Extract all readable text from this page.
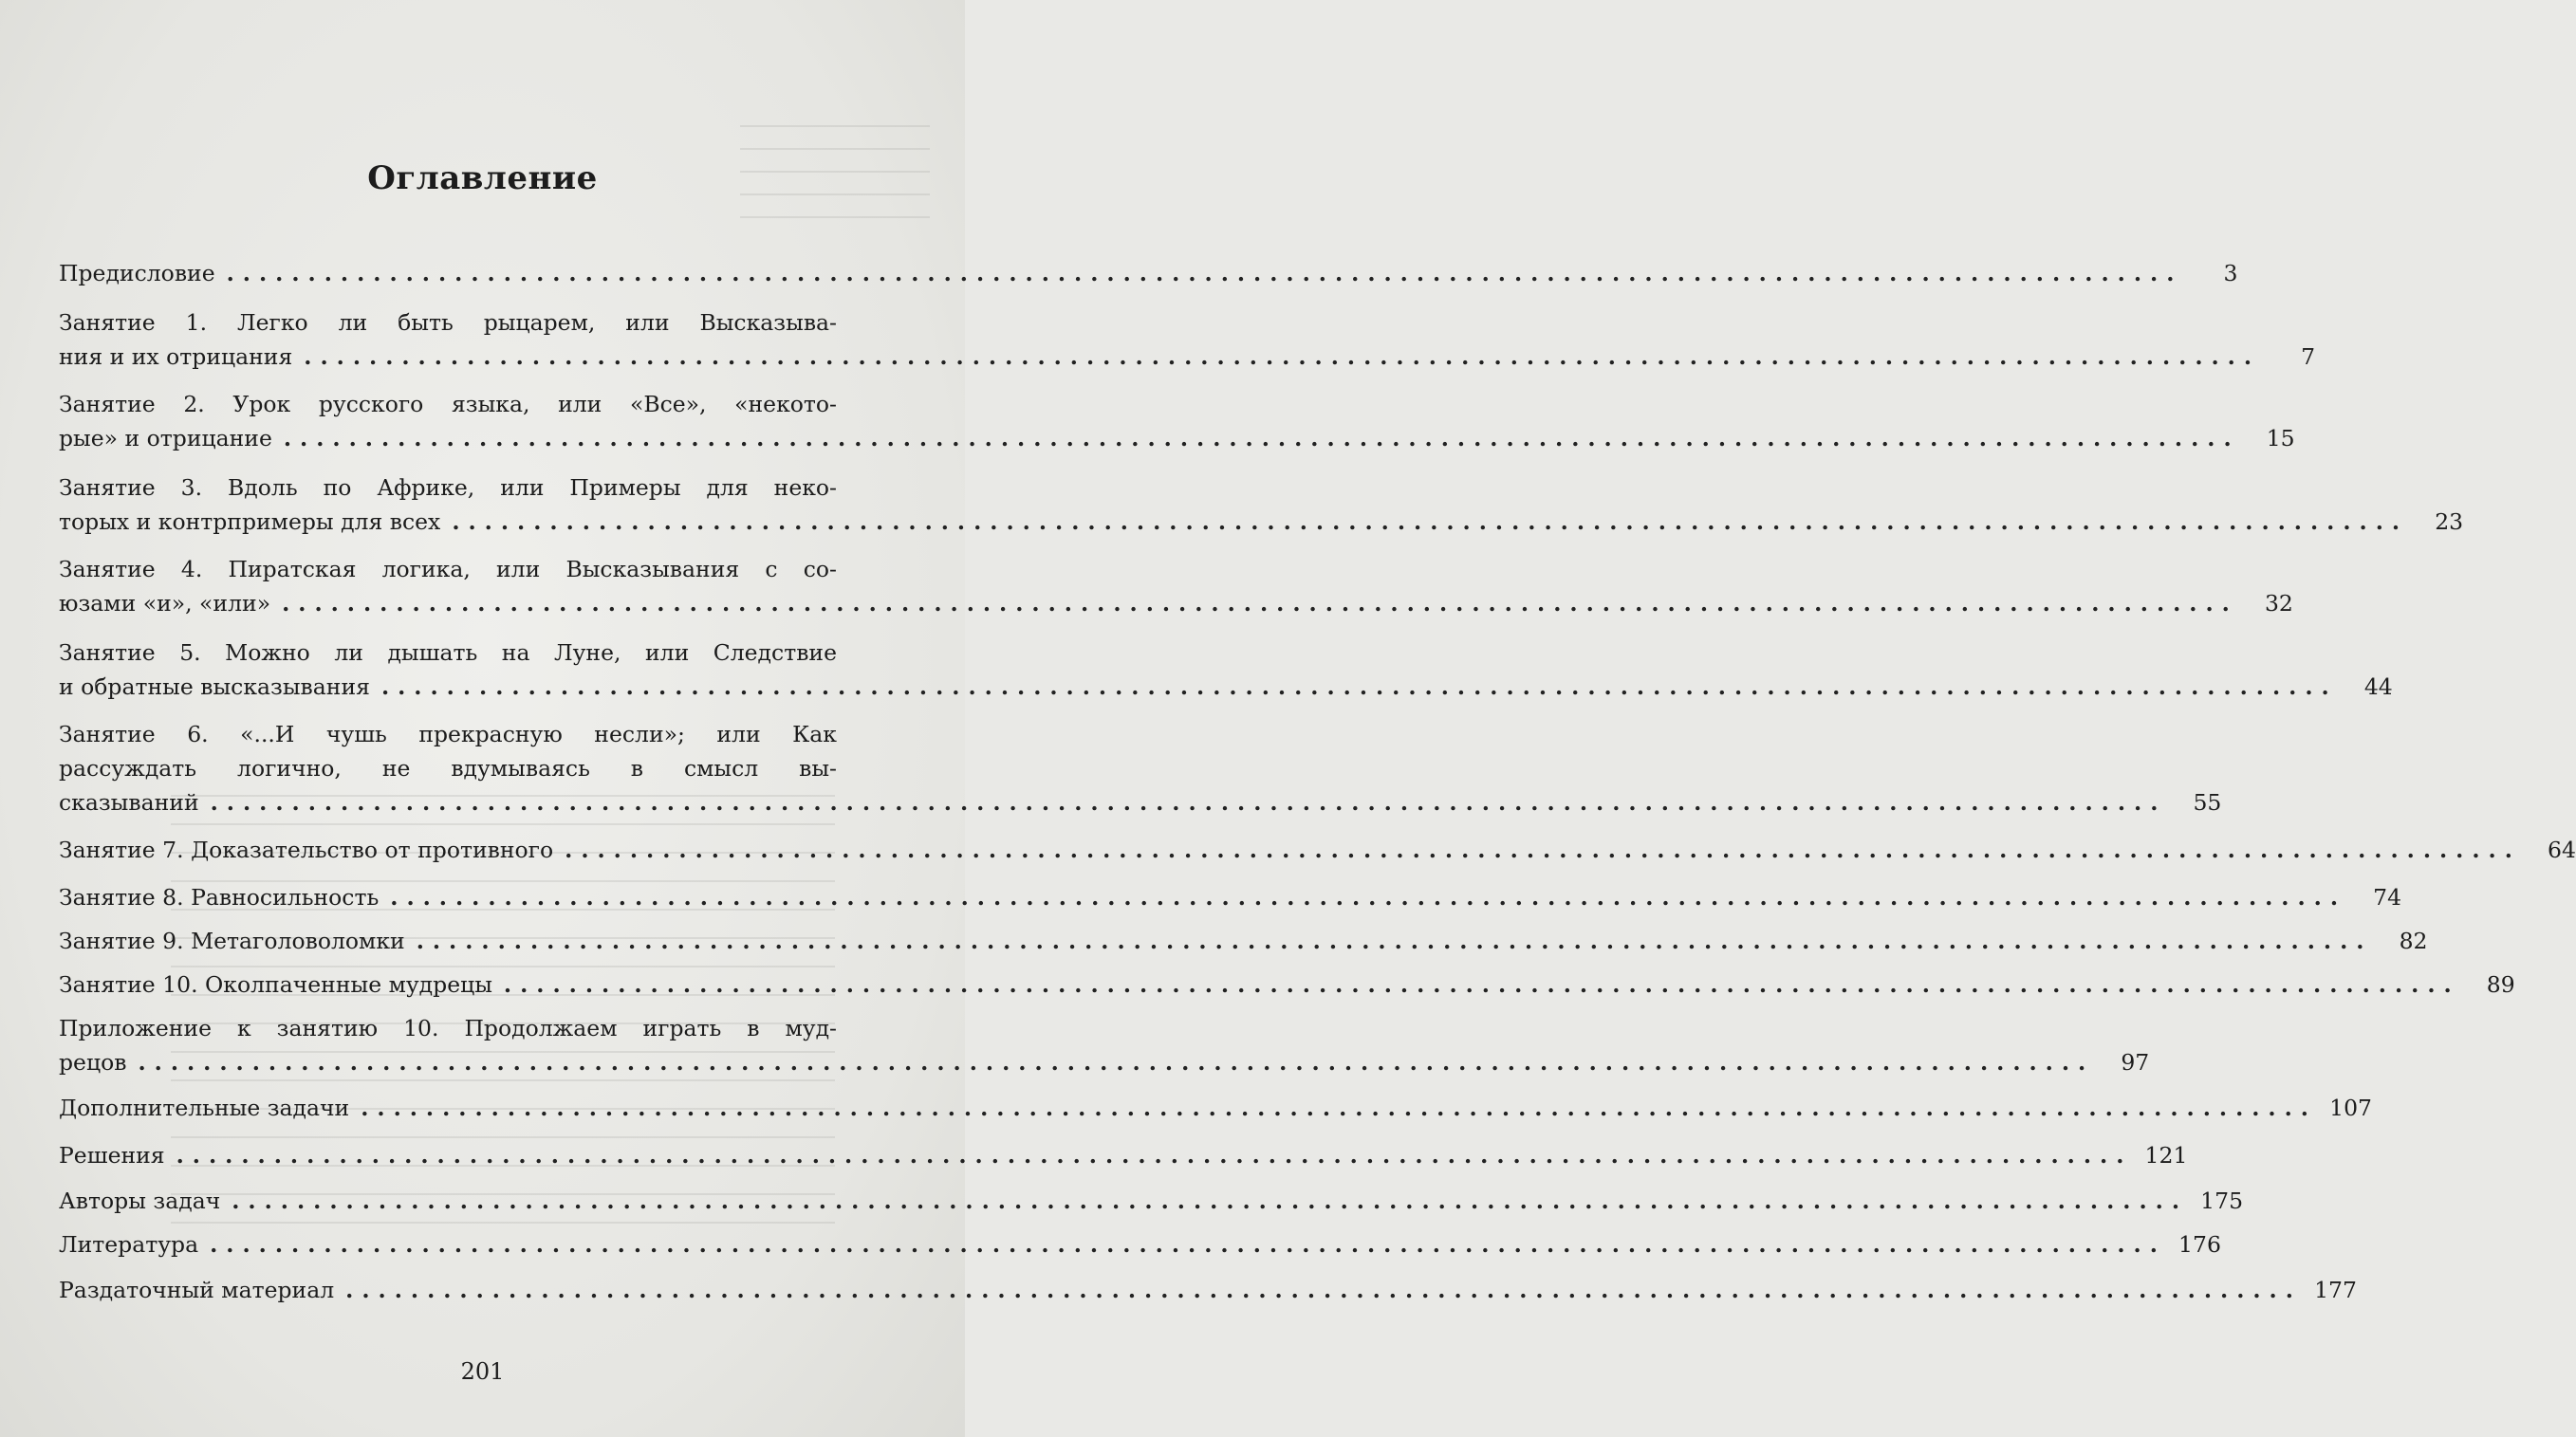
Оглавление
Предисловие ........................................................................................................................	3
Занятие 1. Легко ли быть рыцарем, или Высказыва-
ния и их отрицания ........................................................................................................................	7
Занятие 2. Урок русского языка, или «Все», «некото-
рые» и отрицание ........................................................................................................................	15
Занятие 3. Вдоль по Африке, или Примеры для неко-
торых и контрпримеры для всех ........................................................................................................................	23
Занятие 4. Пиратская логика, или Высказывания с со-
юзами «и», «или» ........................................................................................................................	32
Занятие 5. Можно ли дышать на Луне, или Следствие
и обратные высказывания ........................................................................................................................	44
Занятие 6. «...И чушь прекрасную несли»; или Как
рассуждать логично, не вдумываясь в смысл вы-
сказываний ........................................................................................................................	55
Занятие 7. Доказательство от противного ........................................................................................................................	64
Занятие 8. Равносильность ........................................................................................................................	74
Занятие 9. Метаголоволомки ........................................................................................................................	82
Занятие 10. Околпаченные мудрецы ........................................................................................................................	89
Приложение к занятию 10. Продолжаем играть в муд-
рецов ........................................................................................................................	97
Дополнительные задачи ........................................................................................................................ 107
Решения ........................................................................................................................ 121
Авторы задач ........................................................................................................................ 175
Литература ........................................................................................................................ 176
Раздаточный материал ........................................................................................................................ 177
201
